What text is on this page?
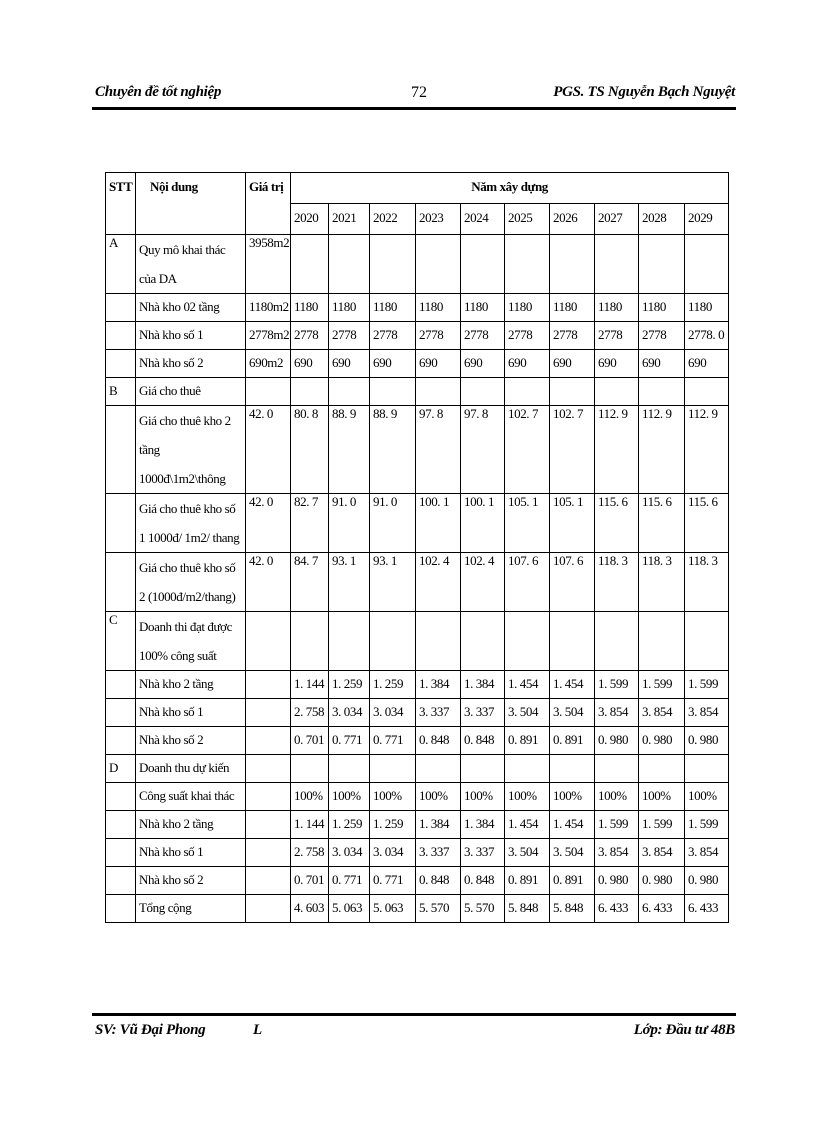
Chuyên đề tốt nghiệp	72	PGS. TS Nguyễn Bạch Nguyệt
STT	Nội dung	Giá trị	Năm xây dựng									
			2020	2021	2022	2023	2024	2025	2026	2027	2028	2029
A	Quy mô khai thác của DA	3958m2										
	Nhà kho 02 tầng	1180m2	1180	1180	1180	1180	1180	1180	1180	1180	1180	1180
	Nhà kho số 1	2778m2	2778	2778	2778	2778	2778	2778	2778	2778	2778	2778. 0
	Nhà kho số 2	690m2	690	690	690	690	690	690	690	690	690	690
B	Giá cho thuê											
	Giá cho thuê kho 2 tầng 1000đ\1m2\thông	42. 0	80. 8	88. 9	88. 9	97. 8	97. 8	102. 7	102. 7	112. 9	112. 9	112. 9
	Giá cho thuê kho số 1 1000đ/ 1m2/ thang	42. 0	82. 7	91. 0	91. 0	100. 1	100. 1	105. 1	105. 1	115. 6	115. 6	115. 6
	Giá cho thuê kho số 2 (1000đ/m2/thang)	42. 0	84. 7	93. 1	93. 1	102. 4	102. 4	107. 6	107. 6	118. 3	118. 3	118. 3
C	Doanh thi đạt được 100% công suất											
	Nhà kho 2 tầng		1. 144	1. 259	1. 259	1. 384	1. 384	1. 454	1. 454	1. 599	1. 599	1. 599
	Nhà kho số 1		2. 758	3. 034	3. 034	3. 337	3. 337	3. 504	3. 504	3. 854	3. 854	3. 854
	Nhà kho số 2		0. 701	0. 771	0. 771	0. 848	0. 848	0. 891	0. 891	0. 980	0. 980	0. 980
D	Doanh thu dự kiến											
	Công suất khai thác		100%	100%	100%	100%	100%	100%	100%	100%	100%	100%
	Nhà kho 2 tầng		1. 144	1. 259	1. 259	1. 384	1. 384	1. 454	1. 454	1. 599	1. 599	1. 599
	Nhà kho số 1		2. 758	3. 034	3. 034	3. 337	3. 337	3. 504	3. 504	3. 854	3. 854	3. 854
	Nhà kho số 2		0. 701	0. 771	0. 771	0. 848	0. 848	0. 891	0. 891	0. 980	0. 980	0. 980
	Tổng cộng		4. 603	5. 063	5. 063	5. 570	5. 570	5. 848	5. 848	6. 433	6. 433	6. 433
SV: Vũ Đại Phong	L	Lớp: Đầu tư 48B
